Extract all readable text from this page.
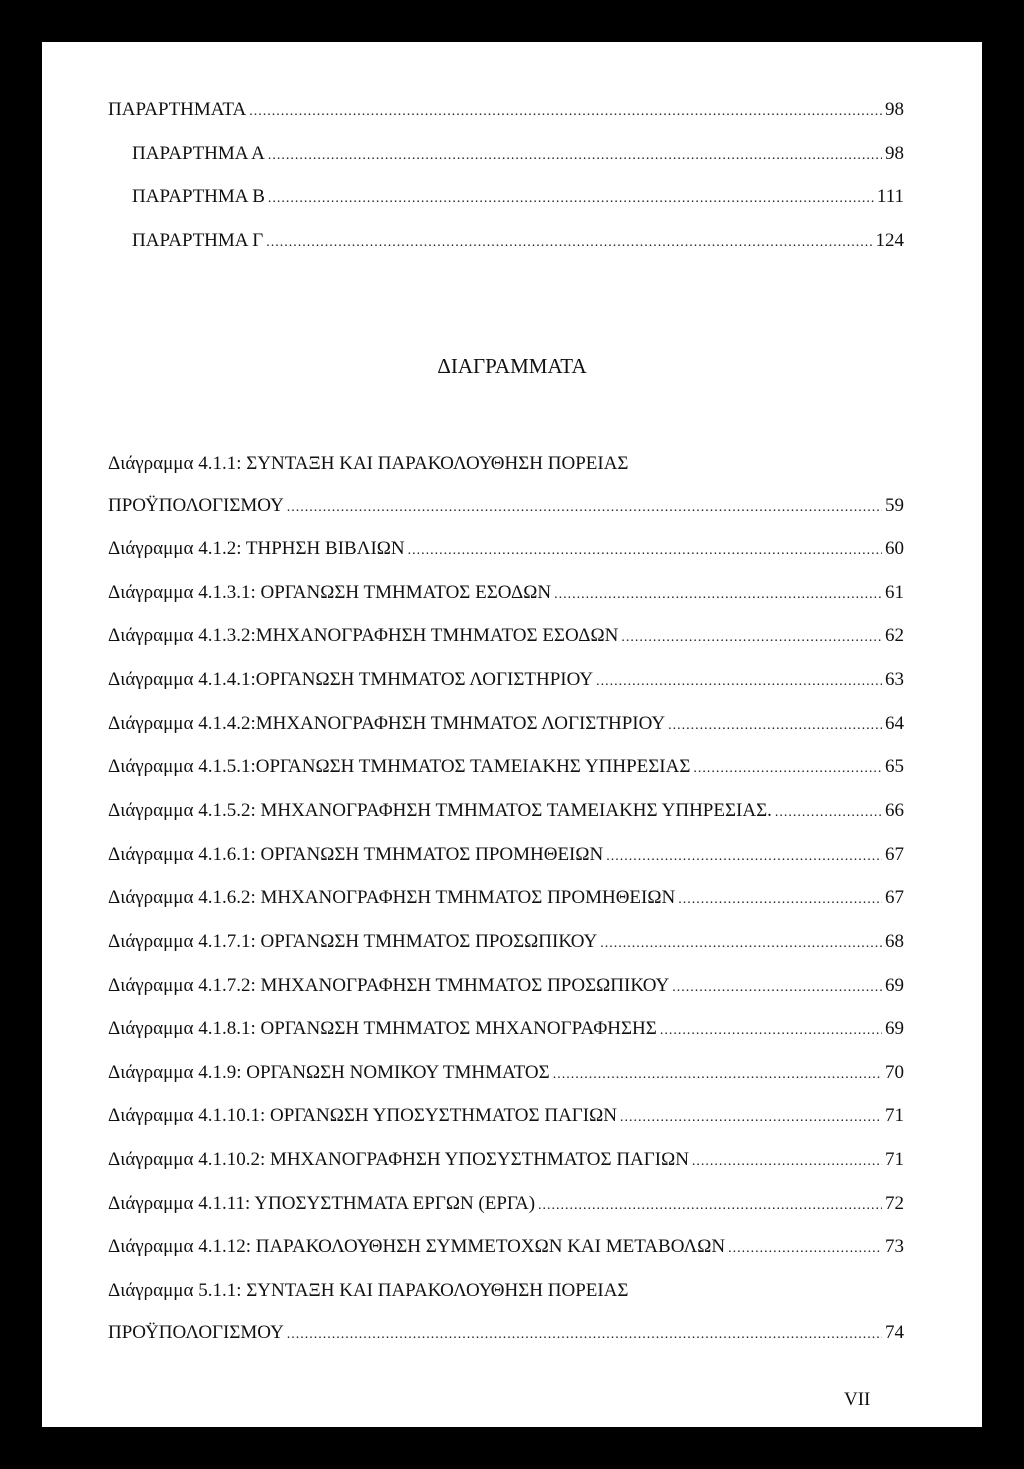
ΠΑΡΑΡΤΗΜΑΤΑ .....	98
ΠΑΡΑΡΤΗΜΑ Α .....	98
ΠΑΡΑΡΤΗΜΑ Β .....	111
ΠΑΡΑΡΤΗΜΑ Γ .....	124
ΔΙΑΓΡΑΜΜΑΤΑ
Διάγραμμα 4.1.1: ΣΥΝΤΑΞΗ ΚΑΙ ΠΑΡΑΚΟΛΟΥΘΗΣΗ ΠΟΡΕΙΑΣ
ΠΡΟΫΠΟΛΟΓΙΣΜΟΥ .....	59
Διάγραμμα 4.1.2: ΤΗΡΗΣΗ ΒΙΒΛΙΩΝ .....	60
Διάγραμμα 4.1.3.1: ΟΡΓΑΝΩΣΗ ΤΜΗΜΑΤΟΣ ΕΣΟΔΩΝ .....	61
Διάγραμμα 4.1.3.2:ΜΗΧΑΝΟΓΡΑΦΗΣΗ ΤΜΗΜΑΤΟΣ ΕΣΟΔΩΝ .....	62
Διάγραμμα 4.1.4.1:ΟΡΓΑΝΩΣΗ ΤΜΗΜΑΤΟΣ ΛΟΓΙΣΤΗΡΙΟΥ .....	63
Διάγραμμα 4.1.4.2:ΜΗΧΑΝΟΓΡΑΦΗΣΗ ΤΜΗΜΑΤΟΣ ΛΟΓΙΣΤΗΡΙΟΥ .....	64
Διάγραμμα 4.1.5.1:ΟΡΓΑΝΩΣΗ ΤΜΗΜΑΤΟΣ ΤΑΜΕΙΑΚΗΣ ΥΠΗΡΕΣΙΑΣ .....	65
Διάγραμμα 4.1.5.2: ΜΗΧΑΝΟΓΡΑΦΗΣΗ ΤΜΗΜΑΤΟΣ ΤΑΜΕΙΑΚΗΣ ΥΠΗΡΕΣΙΑΣ. .....	66
Διάγραμμα 4.1.6.1: ΟΡΓΑΝΩΣΗ ΤΜΗΜΑΤΟΣ ΠΡΟΜΗΘΕΙΩΝ .....	67
Διάγραμμα 4.1.6.2: ΜΗΧΑΝΟΓΡΑΦΗΣΗ ΤΜΗΜΑΤΟΣ ΠΡΟΜΗΘΕΙΩΝ .....	67
Διάγραμμα 4.1.7.1: ΟΡΓΑΝΩΣΗ ΤΜΗΜΑΤΟΣ ΠΡΟΣΩΠΙΚΟΥ .....	68
Διάγραμμα 4.1.7.2: ΜΗΧΑΝΟΓΡΑΦΗΣΗ ΤΜΗΜΑΤΟΣ ΠΡΟΣΩΠΙΚΟΥ .....	69
Διάγραμμα 4.1.8.1: ΟΡΓΑΝΩΣΗ ΤΜΗΜΑΤΟΣ ΜΗΧΑΝΟΓΡΑΦΗΣΗΣ .....	69
Διάγραμμα 4.1.9: ΟΡΓΑΝΩΣΗ ΝΟΜΙΚΟΥ ΤΜΗΜΑΤΟΣ .....	70
Διάγραμμα 4.1.10.1: ΟΡΓΑΝΩΣΗ ΥΠΟΣΥΣΤΗΜΑΤΟΣ ΠΑΓΙΩΝ .....	71
Διάγραμμα 4.1.10.2: ΜΗΧΑΝΟΓΡΑΦΗΣΗ ΥΠΟΣΥΣΤΗΜΑΤΟΣ ΠΑΓΙΩΝ .....	71
Διάγραμμα 4.1.11: ΥΠΟΣΥΣΤΗΜΑΤΑ ΕΡΓΩΝ (ΕΡΓΑ) .....	72
Διάγραμμα 4.1.12: ΠΑΡΑΚΟΛΟΥΘΗΣΗ ΣΥΜΜΕΤΟΧΩΝ ΚΑΙ ΜΕΤΑΒΟΛΩΝ .....	73
Διάγραμμα 5.1.1: ΣΥΝΤΑΞΗ ΚΑΙ ΠΑΡΑΚΟΛΟΥΘΗΣΗ ΠΟΡΕΙΑΣ
ΠΡΟΫΠΟΛΟΓΙΣΜΟΥ .....	74
VII
